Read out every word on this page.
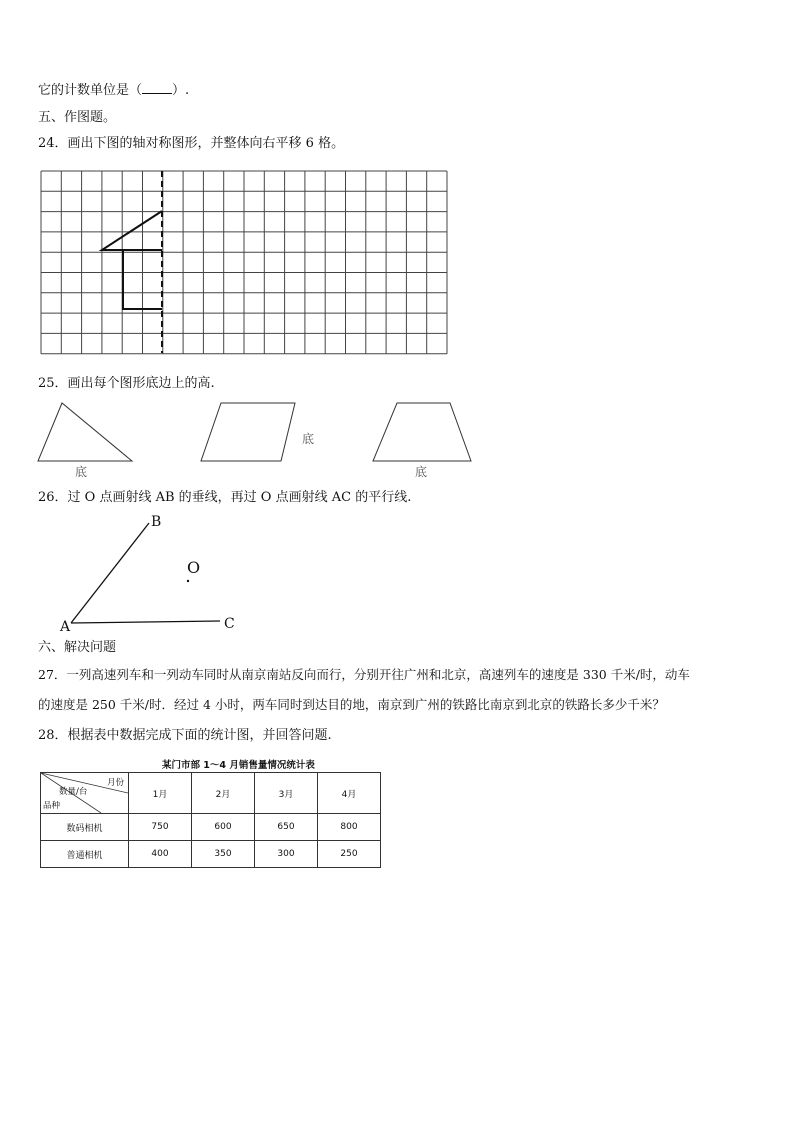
它的计数单位是（ ）.
五、作图题。
24．画出下图的轴对称图形，并整体向右平移 6 格。
25．画出每个图形底边上的高.
底
底
底
26．过 O 点画射线 AB 的垂线，再过 O 点画射线 AC 的平行线.
B
O
A	C
六、解决问题
27．一列高速列车和一列动车同时从南京南站反向而行，分别开往广州和北京，高速列车的速度是 330 千米/时，动车
的速度是 250 千米/时．经过 4 小时，两车同时到达目的地，南京到广州的铁路比南京到北京的铁路长多少千米？
28．根据表中数据完成下面的统计图，并回答问题.
某门市部 1～4 月销售量情况统计表
月份
数量/台
品种	1月	2月	3月	4月
数码相机	750	600	650	800
普通相机	400	350	300	250
